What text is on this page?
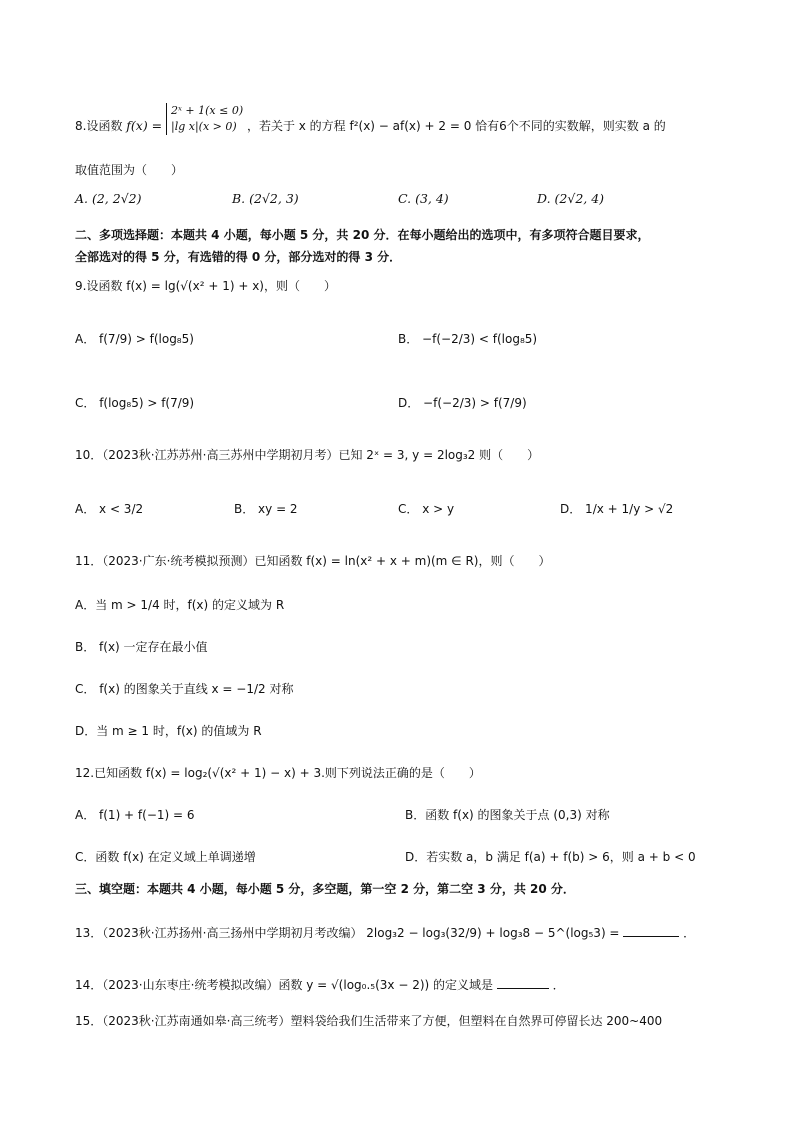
8.设函数 f(x) =
2ˣ + 1(x ≤ 0)
|lg x|(x > 0) ，若关于 x 的方程 f²(x) − af(x) + 2 = 0 恰有6个不同的实数解，则实数 a 的
取值范围为（　　）
A. (2, 2√2)	B. (2√2, 3)	C. (3, 4)	D. (2√2, 4)
二、多项选择题：本题共 4 小题，每小题 5 分，共 20 分．在每小题给出的选项中，有多项符合题目要求，
全部选对的得 5 分，有选错的得 0 分，部分选对的得 3 分．
9.设函数 f(x) = lg(√(x² + 1) + x)，则（　　）
A． f(7/9) > f(log₈5)	B． −f(−2/3) < f(log₈5)
C． f(log₈5) > f(7/9)	D． −f(−2/3) > f(7/9)
10．（2023秋·江苏苏州·高三苏州中学期初月考）已知 2ˣ = 3, y = 2log₃2 则（　　）
A． x < 3/2	B． xy = 2	C． x > y	D． 1/x + 1/y > √2
11．（2023·广东·统考模拟预测）已知函数 f(x) = ln(x² + x + m)(m ∈ R)，则（　　）
A．当 m > 1/4 时，f(x) 的定义域为 R
B． f(x) 一定存在最小值
C． f(x) 的图象关于直线 x = −1/2 对称
D．当 m ≥ 1 时，f(x) 的值域为 R
12.已知函数 f(x) = log₂(√(x² + 1) − x) + 3.则下列说法正确的是（　　）
A． f(1) + f(−1) = 6	B．函数 f(x) 的图象关于点 (0,3) 对称
C．函数 f(x) 在定义域上单调递增	D．若实数 a，b 满足 f(a) + f(b) > 6，则 a + b < 0
三、填空题：本题共 4 小题，每小题 5 分，多空题，第一空 2 分，第二空 3 分，共 20 分．
13．（2023秋·江苏扬州·高三扬州中学期初月考改编） 2log₃2 − log₃(32/9) + log₃8 − 5^(log₅3) =	．
14．（2023·山东枣庄·统考模拟改编）函数 y = √(log₀.₅(3x − 2)) 的定义域是	．
15．（2023秋·江苏南通如皋·高三统考）塑料袋给我们生活带来了方便，但塑料在自然界可停留长达 200~400
